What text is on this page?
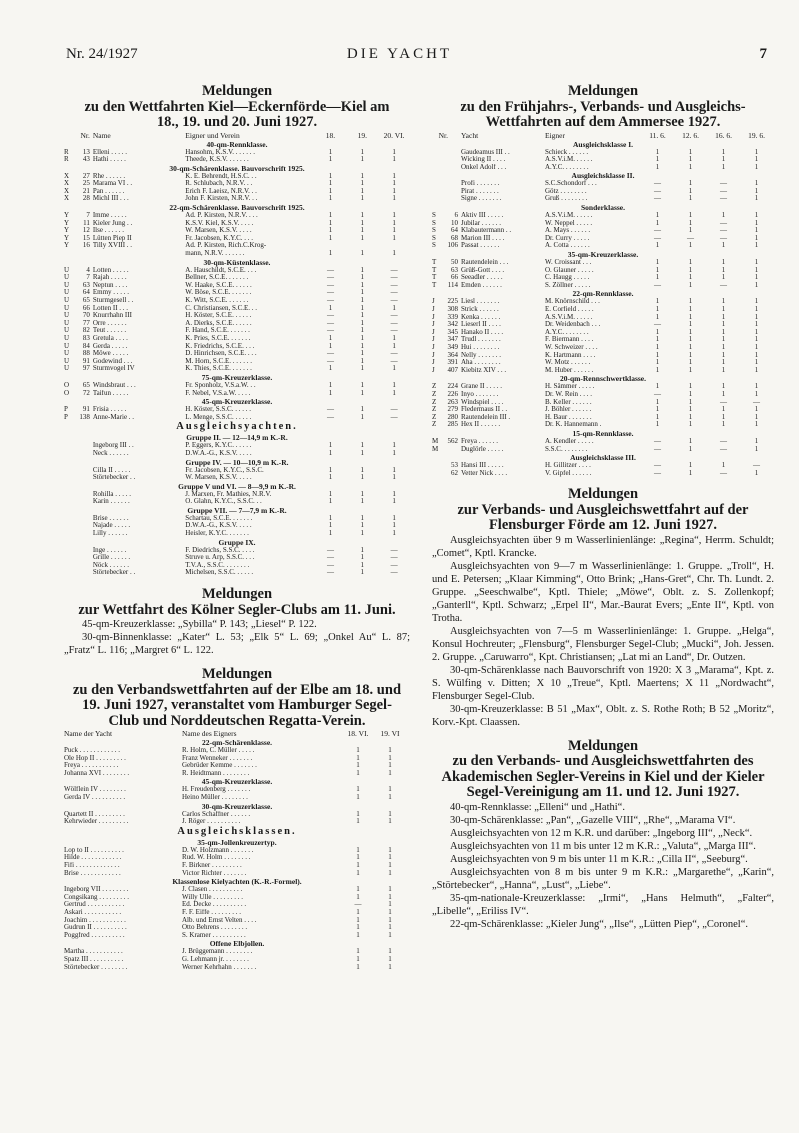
Nr. 24/1927	DIE YACHT	7
Meldungen
zu den Wettfahrten Kiel—Eckernförde—Kiel am
18., 19. und 20. Juni 1927.
Nr. Name	Eigner und Verein	18.	19.	20. VI.
40-qm-Rennklasse.
R	13 Elleni . . . . .	Hansohm, K.S.V. . . . . . .	1	1	1
R	43 Hathi . . . . .	Theede, K.S.V. . . . . . .	1	1	1
30-qm-Schärenklasse. Bauvorschrift 1925.
X	27 Rhe . . . . . .	K. E. Behrendt, H.S.C. . .	1	1	1
X	25 Marama VI . .	R. Schlubach, N.R.V. . .	1	1	1
X	21 Pan . . . . . .	Erich F. Laeisz, N.R.V. . .	1	1	1
X	28 Michl III . . .	John F. Kirsten, N.R.V. . .	1	1	1
22-qm-Schärenklasse. Bauvorschrift 1925.
Y	7 Imme . . . . .	Ad. P. Kirsten, N.R.V. . . .	1	1	1
Y	11 Kieler Jung . .	K.S.V. Kiel, K.S.V. . . . .	1	1	1
Y	12 Ilse . . . . . .	W. Marsen, K.S.V. . . . .	1	1	1
Y	15 Lütten Piep II	Fr. Jacobsen, K.Y.C. . . .	1	1	1
Y	16 Tilly XVIII . .	Ad. P. Kirsten, Rich.C.Krog-
mann, N.R.V. . . . . . .	1	1	1
30-qm-Küstenklasse.
U	4 Lotten . . . . .	A. Hauschildt, S.C.E. . . .	—	1	—
U	7 Rajah . . . . .	Bellner, S.C.E. . . . . . .	—	1	—
U	63 Neptun . . . .	W. Haake, S.C.E. . . . . .	—	1	—
U	64 Emmy . . . . .	W. Böse, S.C.E. . . . . . .	—	1	—
U	65 Sturmgesell . .	K. Witt, S.C.E. . . . . . .	—	1	—
U	66 Lotten II . . .	C. Christiansen, S.C.E. . .	1	1	1
U	70 Knurrhahn III	H. Köster, S.C.E. . . . . .	—	1	—
U	77 Orre . . . . . .	A. Dierks, S.C.E. . . . . .	—	1	—
U	82 Teut . . . . . .	F. Hand, S.C.E. . . . . . .	—	1	—
U	83 Gretula . . . .	K. Pries, S.C.E. . . . . . .	1	1	1
U	84 Gerda . . . . .	K. Friedrichs, S.C.E. . . .	1	1	1
U	88 Möwe . . . . .	D. Hinrichsen, S.C.E. . . .	—	1	—
U	91 Godewind . . .	M. Horn, S.C.E. . . . . . .	—	1	—
U	97 Sturmvogel IV	K. Thies, S.C.E. . . . . . .	1	1	1
75-qm-Kreuzerklasse.
O	65 Windsbraut . . .	Fr. Sponholz, V.S.a.W. . .	1	1	1
O	72 Taifun . . . . .	F. Nebel, V.S.a.W. . . . .	1	1	1
45-qm-Kreuzerklasse.
P	91 Frisia . . . . .	H. Köster, S.S.C. . . . . .	—	1	—
P	138 Anne-Marie . .	L. Menge, S.S.C. . . . . .	—	1	—
Ausgleichsyachten.
Gruppe II. — 12—14,9 m K.-R.
Ingeborg III . .	P. Eggers, K.Y.C. . . . . .	1	1	1
Neck . . . . . .	D.W.A.-G., K.S.V. . . . .	1	1	1
Gruppe IV. — 10—10,9 m K.-R.
Cilla II . . . . .	Fr. Jacobsen, K.Y.C., S.S.C.	1	1	1
Störtebecker . .	W. Marsen, K.S.V. . . . .	1	1	1
Gruppe V und VI. — 8—9,9 m K.-R.
Rohilla . . . . .	J. Marxen, Fr. Mathies, N.R.V.	1	1	1
Karin . . . . . .	O. Glahn, K.Y.C., S.S.C. . .	1	1	1
Gruppe VII. — 7—7,9 m K.-R.
Brise . . . . . .	Schartau, S.C.E. . . . . . .	1	1	1
Najade . . . . .	D.W.A.-G., K.S.V. . . . .	1	1	1
Lilly . . . . . .	Heisler, K.Y.C. . . . . . .	1	1	1
Gruppe IX.
Inge . . . . . .	F. Diedrichs, S.S.C. . . . .	—	1	—
Grille . . . . . .	Struve u. Arp, S.S.C. . . .	—	1	—
Nöck . . . . . .	T.V.A., S.S.C. . . . . . . .	—	1	—
Störtebecker . .	Michelsen, S.S.C. . . . . .	—	1	—
Meldungen
zur Wettfahrt des Kölner Segler-Clubs am 11. Juni.
45-qm-Kreuzerklasse: „Sybilla“ P. 143; „Liesel“ P. 122.
30-qm-Binnenklasse: „Kater“ L. 53; „Elk 5“ L. 69; „Onkel Au“ L. 87; „Fratz“ L. 116; „Margret 6“ L. 122.
Meldungen
zu den Verbandswettfahrten auf der Elbe am 18. und
19. Juni 1927, veranstaltet vom Hamburger Segel-
Club und Norddeutschen Regatta-Verein.
Name der Yacht	Name des Eigners	18. VI.	19. VI
22-qm-Schärenklasse.
Puck . . . . . . . . . . . .	R. Holm, C. Müller . . . . .	1	1
Ole Hop II . . . . . . . . .	Franz Wenneker . . . . . . .	1	1
Freya . . . . . . . . . . .	Gebrüder Kemme . . . . . . .	1	1
Johanna XVI . . . . . . . .	R. Heidtmann . . . . . . . .	1	1
45-qm-Kreuzerklasse.
Wölflein IV . . . . . . . .	H. Freudenberg . . . . . . .	1	1
Gerda IV . . . . . . . . . .	Heino Müller . . . . . . . .	1	1
30-qm-Kreuzerklasse.
Quartett II . . . . . . . . .	Carlos Schaffner . . . . . .	1	1
Kehrwieder . . . . . . . . .	J. Röger . . . . . . . . . .	1	1
Ausgleichsklassen.
35-qm-Jollenkreuzertyp.
Lop to II . . . . . . . . . .	D. W. Holzmann . . . . . . .	1	1
Hilde . . . . . . . . . . . .	Rud. W. Holm . . . . . . . .	1	1
Fifi . . . . . . . . . . . . .	F. Birkner . . . . . . . . .	1	1
Brise . . . . . . . . . . . .	Victor Richter . . . . . . .	1	1
Klassenlose Kielyachten (K.-R.-Formel).
Ingeborg VII . . . . . . . .	J. Clasen . . . . . . . . . .	1	1
Congsikang . . . . . . . . .	Willy Ulle . . . . . . . . .	1	1
Gertrud . . . . . . . . . . .	Ed. Decke . . . . . . . . . .	—	1
Askari . . . . . . . . . . .	F. F. Eiffe . . . . . . . . .	1	1
Joachim . . . . . . . . . . .	Alb. und Ernst Velten . . . .	1	1
Gudrun II . . . . . . . . . .	Otto Behrens . . . . . . . .	1	1
Poggfred . . . . . . . . . .	S. Kramer . . . . . . . . . .	1	1
Offene Elbjollen.
Martha . . . . . . . . . . .	J. Brüggemann . . . . . . . .	1	1
Spatz III . . . . . . . . . .	G. Lehmann jr. . . . . . . .	1	1
Störtebecker . . . . . . . .	Werner Kehrhahn . . . . . . .	1	1
Meldungen
zu den Frühjahrs-, Verbands- und Ausgleichs-
Wettfahrten auf dem Ammersee 1927.
Nr.	Yacht	Eigner	11. 6.	12. 6.	16. 6.	19. 6.
Ausgleichsklasse I.
Gaudeamus III . .	Schieck . . . . . .	1	1	1	1
Wicking II . . . .	A.S.V.i.M. . . . . .	1	1	1	1
Onkel Adolf . . .	A.Y.C. . . . . . . .	1	1	1	1
Ausgleichsklasse II.
Profi . . . . . . .	S.C.Schondorf . . .	—	1	—	1
Pirat . . . . . . .	Götz . . . . . . . .	—	1	—	1
Signe . . . . . . .	Gruß . . . . . . . .	—	1	—	1
Sonderklasse.
S	6 Aktiv III . . . . .	A.S.V.i.M. . . . . .	1	1	1	1
S	10 Jubilar . . . . . .	W. Neppel . . . . .	1	1	—	1
S	64 Klabautermann . .	A. Mays . . . . . .	—	1	—	1
S	68 Marion III . . . .	Dr. Curry . . . . .	—	—	—	1
S	106 Passat . . . . . .	A. Cotta . . . . . .	1	1	1	1
35-qm-Kreuzerklasse.
T	50 Rautendelein . . .	W. Croissant . . .	1	1	1	1
T	63 Grüß-Gott . . . .	O. Glauner . . . . .	1	1	1	1
T	66 Seeadler . . . . .	C. Haugg . . . . .	1	1	1	1
T	114 Emden . . . . . .	S. Zöllner . . . . .	—	1	—	1
22-qm-Rennklasse.
J	225 Liesl . . . . . . .	M. Knörnschild . . .	1	1	1	1
J	308 Strick . . . . . .	E. Corfield . . . . .	1	1	1	1
J	339 Kenka . . . . . .	A.S.V.i.M. . . . . .	1	1	1	1
J	342 Lieserl II . . . .	Dr. Weidenbach . . .	—	1	1	1
J	345 Hanako II . . . .	A.Y.C. . . . . . . .	1	1	1	1
J	347 Trudl . . . . . . .	F. Biermann . . . .	1	1	1	1
J	349 Hui . . . . . . . .	W. Schweizer . . . .	1	1	1	1
J	364 Nelly . . . . . . .	K. Hartmann . . . .	1	1	1	1
J	391 Aha . . . . . . . .	W. Motz . . . . . .	1	1	1	1
J	407 Kiebitz XIV . . .	M. Huber . . . . . .	1	1	1	1
20-qm-Rennschwertklasse.
Z	224 Grane II . . . . .	H. Sämmer . . . . .	1	1	1	1
Z	226 Inyo . . . . . . .	Dr. W. Rein . . . .	—	1	1	1
Z	263 Windspiel . . . .	B. Keller . . . . . .	1	1	—	—
Z	279 Fledermaus II . .	J. Böhler . . . . . .	1	1	1	1
Z	280 Rautendelein III .	H. Baur . . . . . . .	1	1	1	1
Z	285 Hex II . . . . . .	Dr. K. Hannemann .	1	1	1	1
15-qm-Rennklasse.
M	562 Freya . . . . . .	A. Kendler . . . . .	—	1	—	1
M	Duglörle . . . . .	S.S.C. . . . . . . .	—	1	—	1
Ausgleichsklasse III.
53 Hansi III . . . . .	H. Gillitzer . . . .	—	1	1	—
62 Vetter Nick . . . .	V. Gipfel . . . . . .	—	1	—	1
Meldungen
zur Verbands- und Ausgleichswettfahrt auf der
Flensburger Förde am 12. Juni 1927.
Ausgleichsyachten über 9 m Wasserlinienlänge: „Regina“, Herrm. Schuldt; „Comet“, Kptl. Krancke.
Ausgleichsyachten von 9—7 m Wasserlinienlänge: 1. Gruppe. „Troll“, H. und E. Petersen; „Klaar Kimming“, Otto Brink; „Hans-Gret“, Chr. Th. Lundt. 2. Gruppe. „Seeschwalbe“, Kptl. Thiele; „Möwe“, Oblt. z. S. Zollenkopf; „Ganterll“, Kptl. Schwarz; „Erpel II“, Mar.-Baurat Evers; „Ente II“, Kptl. von Trotha.
Ausgleichsyachten von 7—5 m Wasserlinienlänge: 1. Gruppe. „Helga“, Konsul Hochreuter; „Flensburg“, Flensburger Segel-Club; „Mucki“, Joh. Jessen. 2. Gruppe. „Caruwarro“, Kpt. Christiansen; „Lat mi an Land“, Dr. Outzen.
30-qm-Schärenklasse nach Bauvorschrift von 1920: X 3 „Marama“, Kpt. z. S. Wülfing v. Ditten; X 10 „Treue“, Kptl. Maertens; X 11 „Nordwacht“, Flensburger Segel-Club.
30-qm-Kreuzerklasse: B 51 „Max“, Oblt. z. S. Rothe Roth; B 52 „Moritz“, Korv.-Kpt. Claassen.
Meldungen
zu den Verbands- und Ausgleichswettfahrten des
Akademischen Segler-Vereins in Kiel und der Kieler
Segel-Vereinigung am 11. und 12. Juni 1927.
40-qm-Rennklasse: „Elleni“ und „Hathi“.
30-qm-Schärenklasse: „Pan“, „Gazelle VIII“, „Rhe“, „Marama VI“.
Ausgleichsyachten von 12 m K.R. und darüber: „Ingeborg III“, „Neck“.
Ausgleichsyachten von 11 m bis unter 12 m K.R.: „Valuta“, „Marga III“.
Ausgleichsyachten von 9 m bis unter 11 m K.R.: „Cilla II“, „Seeburg“.
Ausgleichsyachten von 8 m bis unter 9 m K.R.: „Margarethe“, „Karin“, „Störtebecker“, „Hanna“, „Lust“, „Liebe“.
35-qm-nationale-Kreuzerklasse: „Irmi“, „Hans Helmuth“, „Falter“, „Libelle“, „Eriliss IV“.
22-qm-Schärenklasse: „Kieler Jung“, „Ilse“, „Lütten Piep“, „Coronel“.
